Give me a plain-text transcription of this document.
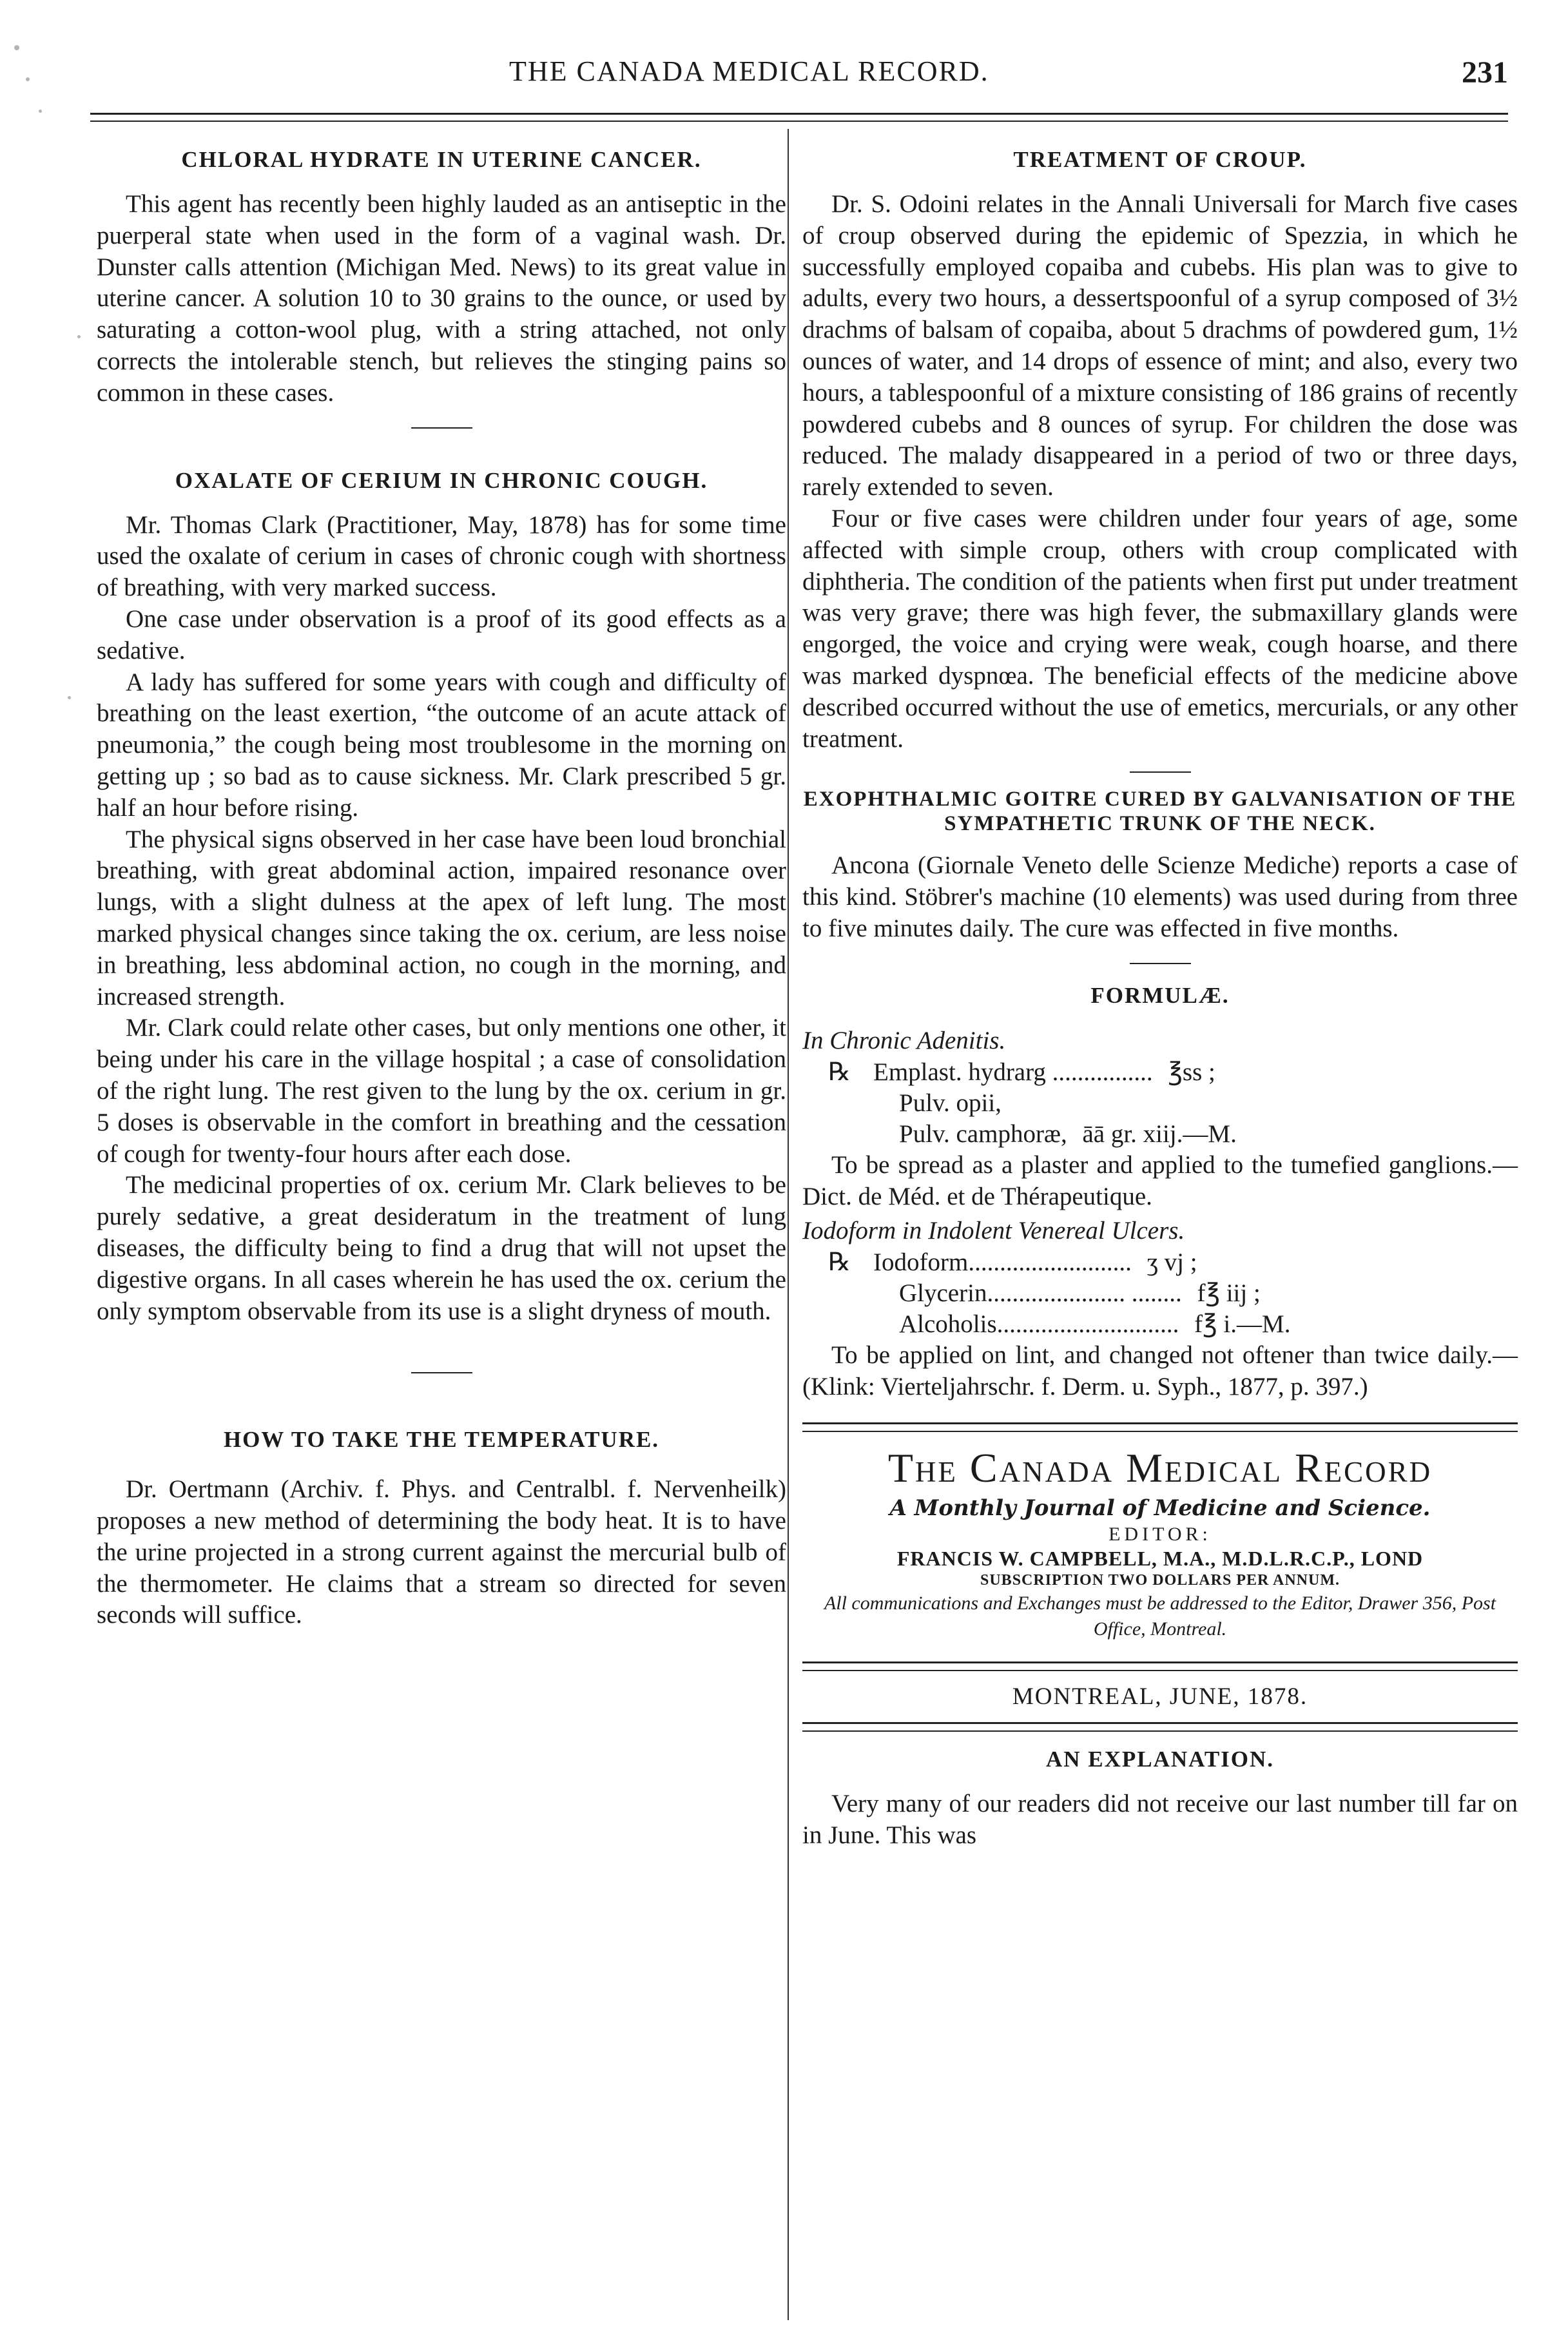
THE CANADA MEDICAL RECORD.	231
CHLORAL HYDRATE IN UTERINE CANCER.

This agent has recently been highly lauded as an antiseptic in the puerperal state when used in the form of a vaginal wash. Dr. Dunster calls attention (Michigan Med. News) to its great value in uterine cancer. A solution 10 to 30 grains to the ounce, or used by saturating a cotton-wool plug, with a string attached, not only corrects the intolerable stench, but relieves the stinging pains so common in these cases.

OXALATE OF CERIUM IN CHRONIC COUGH.

Mr. Thomas Clark (Practitioner, May, 1878) has for some time used the oxalate of cerium in cases of chronic cough with shortness of breathing, with very marked success.

One case under observation is a proof of its good effects as a sedative.

A lady has suffered for some years with cough and difficulty of breathing on the least exertion, “the outcome of an acute attack of pneumonia,” the cough being most troublesome in the morning on getting up ; so bad as to cause sickness. Mr. Clark prescribed 5 gr. half an hour before rising.

The physical signs observed in her case have been loud bronchial breathing, with great abdominal action, impaired resonance over lungs, with a slight dulness at the apex of left lung. The most marked physical changes since taking the ox. cerium, are less noise in breathing, less abdominal action, no cough in the morning, and increased strength.

Mr. Clark could relate other cases, but only mentions one other, it being under his care in the village hospital ; a case of consolidation of the right lung. The rest given to the lung by the ox. cerium in gr. 5 doses is observable in the comfort in breathing and the cessation of cough for twenty-four hours after each dose.

The medicinal properties of ox. cerium Mr. Clark believes to be purely sedative, a great desideratum in the treatment of lung diseases, the difficulty being to find a drug that will not upset the digestive organs. In all cases wherein he has used the ox. cerium the only symptom observable from its use is a slight dryness of mouth.

HOW TO TAKE THE TEMPERATURE.

Dr. Oertmann (Archiv. f. Phys. and Centralbl. f. Nervenheilk) proposes a new method of determining the body heat. It is to have the urine projected in a strong current against the mercurial bulb of the thermometer. He claims that a stream so directed for seven seconds will suffice.

TREATMENT OF CROUP.

Dr. S. Odoini relates in the Annali Universali for March five cases of croup observed during the epidemic of Spezzia, in which he successfully employed copaiba and cubebs. His plan was to give to adults, every two hours, a dessertspoonful of a syrup composed of 3½ drachms of balsam of copaiba, about 5 drachms of powdered gum, 1½ ounces of water, and 14 drops of essence of mint; and also, every two hours, a tablespoonful of a mixture consisting of 186 grains of recently powdered cubebs and 8 ounces of syrup. For children the dose was reduced. The malady disappeared in a period of two or three days, rarely extended to seven.

Four or five cases were children under four years of age, some affected with simple croup, others with croup complicated with diphtheria. The condition of the patients when first put under treatment was very grave; there was high fever, the submaxillary glands were engorged, the voice and crying were weak, cough hoarse, and there was marked dyspnœa. The beneficial effects of the medicine above described occurred without the use of emetics, mercurials, or any other treatment.

EXOPHTHALMIC GOITRE CURED BY GALVANISATION OF THE SYMPATHETIC TRUNK OF THE NECK.

Ancona (Giornale Veneto delle Scienze Mediche) reports a case of this kind. Stöbrer's machine (10 elements) was used during from three to five minutes daily. The cure was effected in five months.

FORMULÆ.

In Chronic Adenitis.

℞ Emplast. hydrarg ................ ℥ss ;

Pulv. opii,

Pulv. camphoræ, āā gr. xiij.—M.

To be spread as a plaster and applied to the tumefied ganglions.—Dict. de Méd. et de Thérapeutique.

Iodoform in Indolent Venereal Ulcers.

℞ Iodoform.......................... ʒ vj ;

Glycerin...................... ........ f℥ iij ;

Alcoholis............................. f℥ i.—M.

To be applied on lint, and changed not oftener than twice daily.—(Klink: Vierteljahrschr. f. Derm. u. Syph., 1877, p. 397.)

The Canada Medical Record

A Monthly Journal of Medicine and Science.

EDITOR:

FRANCIS W. CAMPBELL, M.A., M.D.L.R.C.P., LOND

SUBSCRIPTION TWO DOLLARS PER ANNUM.

All communications and Exchanges must be addressed to the Editor, Drawer 356, Post Office, Montreal.

MONTREAL, JUNE, 1878.

AN EXPLANATION.

Very many of our readers did not receive our last number till far on in June. This was
